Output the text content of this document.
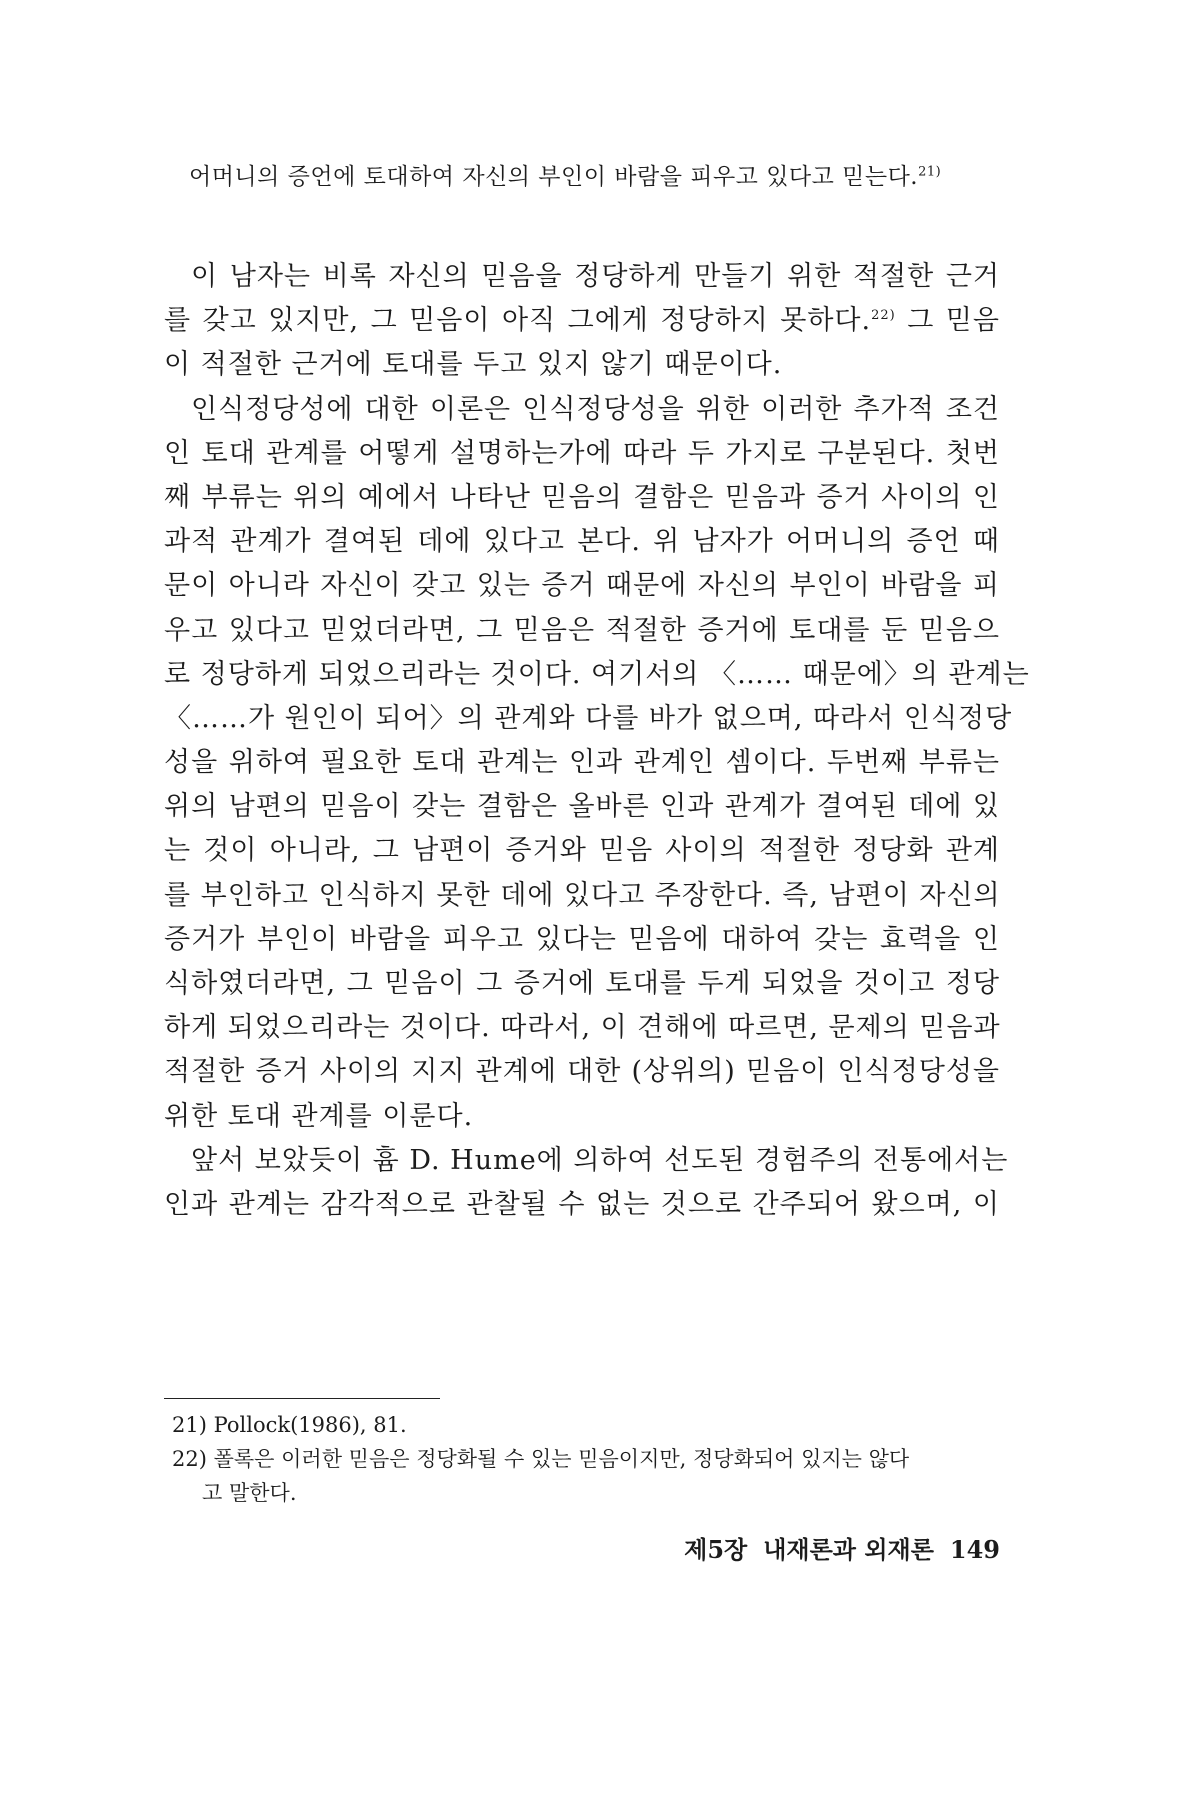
어머니의 증언에 토대하여 자신의 부인이 바람을 피우고 있다고 믿는다.$^{21)}$
이 남자는 비록 자신의 믿음을 정당하게 만들기 위한 적절한 근거
를 갖고 있지만, 그 믿음이 아직 그에게 정당하지 못하다.$^{22)}$ 그 믿음
이 적절한 근거에 토대를 두고 있지 않기 때문이다.
인식정당성에 대한 이론은 인식정당성을 위한 이러한 추가적 조건
인 토대 관계를 어떻게 설명하는가에 따라 두 가지로 구분된다. 첫번
째 부류는 위의 예에서 나타난 믿음의 결함은 믿음과 증거 사이의 인
과적 관계가 결여된 데에 있다고 본다. 위 남자가 어머니의 증언 때
문이 아니라 자신이 갖고 있는 증거 때문에 자신의 부인이 바람을 피
우고 있다고 믿었더라면, 그 믿음은 적절한 증거에 토대를 둔 믿음으
로 정당하게 되었으리라는 것이다. 여기서의 〈…… 때문에〉의 관계는
〈……가 원인이 되어〉의 관계와 다를 바가 없으며, 따라서 인식정당
성을 위하여 필요한 토대 관계는 인과 관계인 셈이다. 두번째 부류는
위의 남편의 믿음이 갖는 결함은 올바른 인과 관계가 결여된 데에 있
는 것이 아니라, 그 남편이 증거와 믿음 사이의 적절한 정당화 관계
를 부인하고 인식하지 못한 데에 있다고 주장한다. 즉, 남편이 자신의
증거가 부인이 바람을 피우고 있다는 믿음에 대하여 갖는 효력을 인
식하였더라면, 그 믿음이 그 증거에 토대를 두게 되었을 것이고 정당
하게 되었으리라는 것이다. 따라서, 이 견해에 따르면, 문제의 믿음과
적절한 증거 사이의 지지 관계에 대한 (상위의) 믿음이 인식정당성을
위한 토대 관계를 이룬다.
앞서 보았듯이 흄 D. Hume에 의하여 선도된 경험주의 전통에서는
인과 관계는 감각적으로 관찰될 수 없는 것으로 간주되어 왔으며, 이
21) Pollock(1986), 81.
22) 폴록은 이러한 믿음은 정당화될 수 있는 믿음이지만, 정당화되어 있지는 않다
고 말한다.
제5장 내재론과 외재론 149
